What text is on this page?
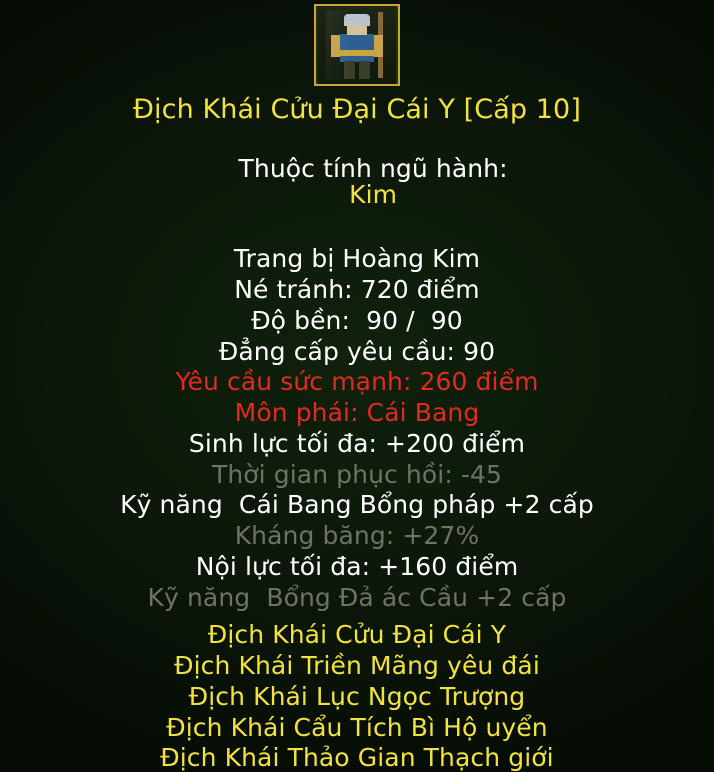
Địch Khái Cửu Đại Cái Y [Cấp 10]

Thuộc tính ngũ hành:
Kim

Trang bị Hoàng Kim
Né tránh: 720 điểm
Độ bền:  90 /  90
Đẳng cấp yêu cầu: 90
Yêu cầu sức mạnh: 260 điểm
Môn phái: Cái Bang
Sinh lực tối đa: +200 điểm
Thời gian phục hồi: -45
Kỹ năng  Cái Bang Bổng pháp +2 cấp
Kháng băng: +27%
Nội lực tối đa: +160 điểm
Kỹ năng  Bổng Đả ác Cầu +2 cấp
Địch Khái Cửu Đại Cái Y
Địch Khái Triền Mãng yêu đái
Địch Khái Lục Ngọc Trượng
Địch Khái Cẩu Tích Bì Hộ uyển
Địch Khái Thảo Gian Thạch giới
